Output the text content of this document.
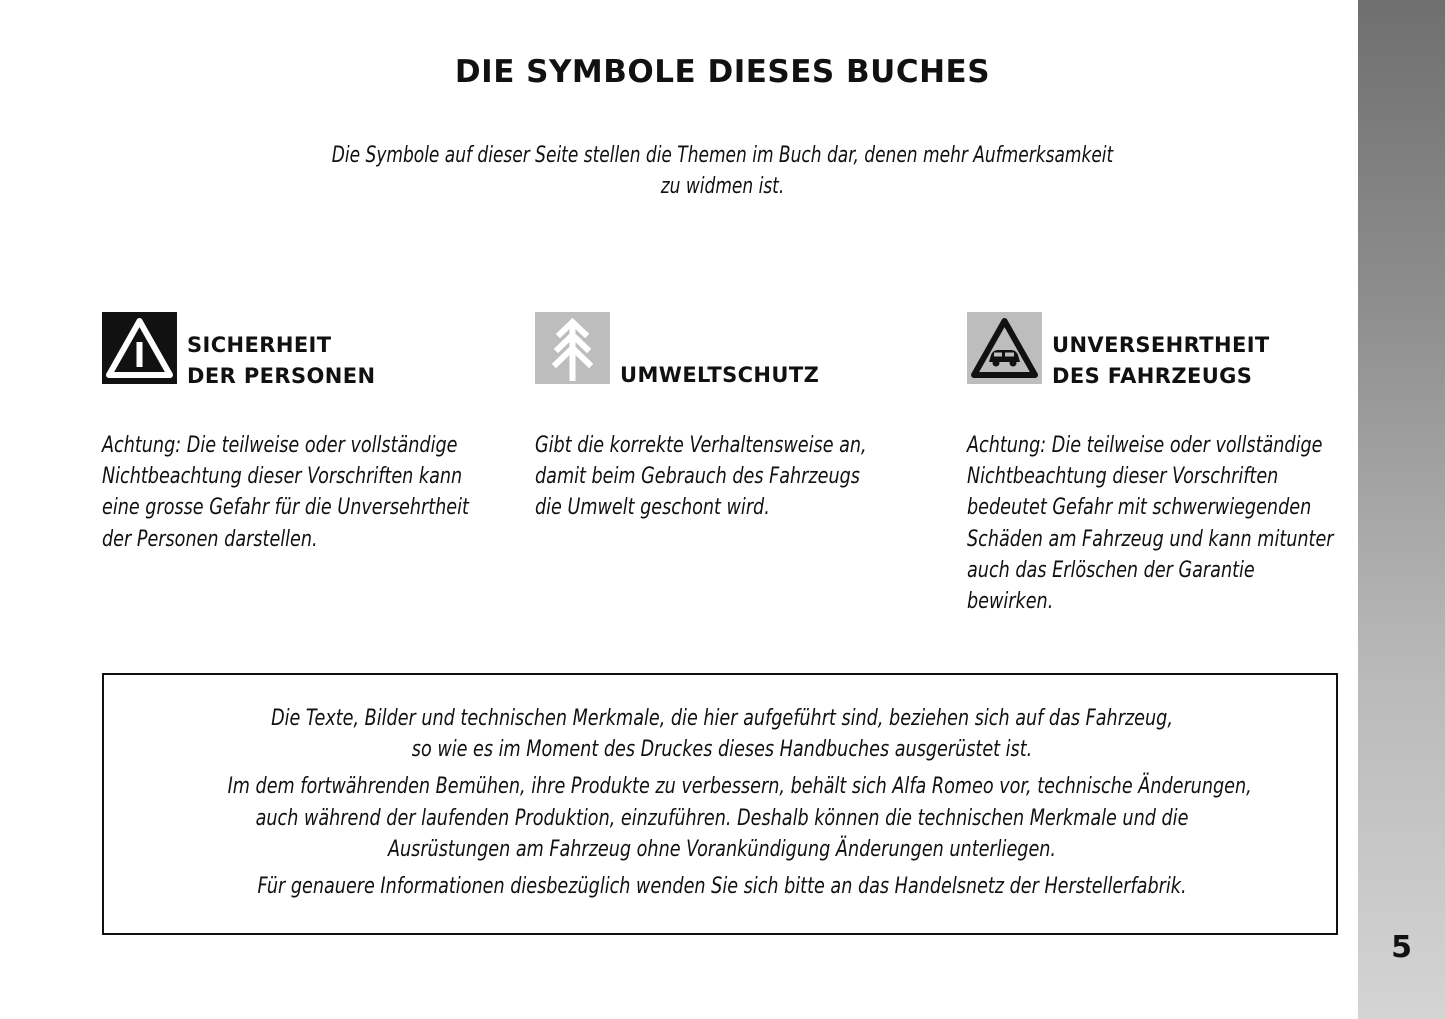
5
DIE SYMBOLE DIESES BUCHES
Die Symbole auf dieser Seite stellen die Themen im Buch dar, denen mehr Aufmerksamkeit
zu widmen ist.
SICHERHEIT
DER PERSONEN
Achtung: Die teilweise oder vollständige
Nichtbeachtung dieser Vorschriften kann
eine grosse Gefahr für die Unversehrtheit
der Personen darstellen.
UMWELTSCHUTZ
Gibt die korrekte Verhaltensweise an,
damit beim Gebrauch des Fahrzeugs
die Umwelt geschont wird.
UNVERSEHRTHEIT
DES FAHRZEUGS
Achtung: Die teilweise oder vollständige
Nichtbeachtung dieser Vorschriften
bedeutet Gefahr mit schwerwiegenden
Schäden am Fahrzeug und kann mitunter
auch das Erlöschen der Garantie
bewirken.
Die Texte, Bilder und technischen Merkmale, die hier aufgeführt sind, beziehen sich auf das Fahrzeug,
so wie es im Moment des Druckes dieses Handbuches ausgerüstet ist.
Im dem fortwährenden Bemühen, ihre Produkte zu verbessern, behält sich Alfa Romeo vor, technische Änderungen,
auch während der laufenden Produktion, einzuführen. Deshalb können die technischen Merkmale und die
Ausrüstungen am Fahrzeug ohne Vorankündigung Änderungen unterliegen.
Für genauere Informationen diesbezüglich wenden Sie sich bitte an das Handelsnetz der Herstellerfabrik.
